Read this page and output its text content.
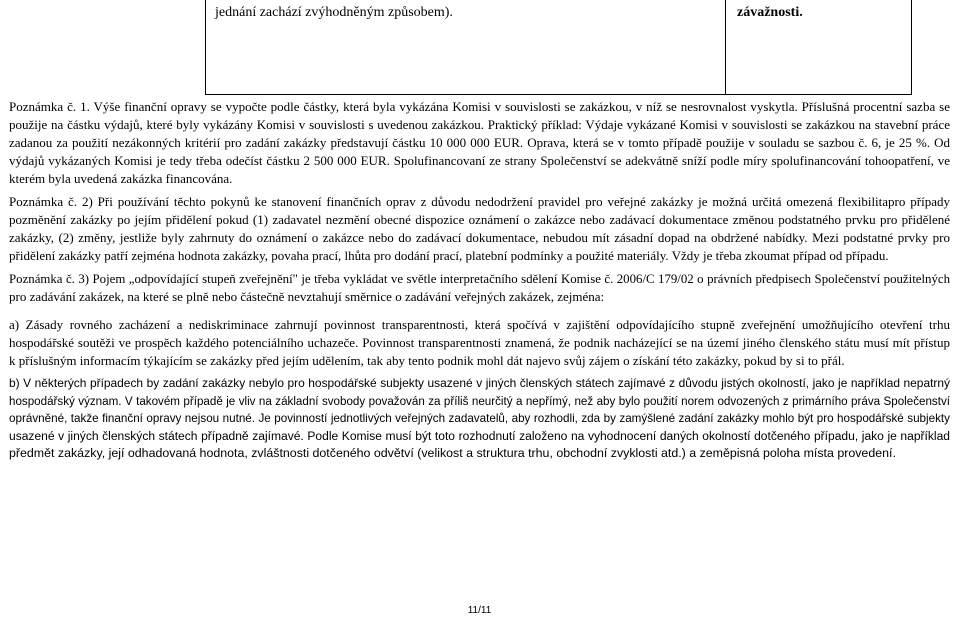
jednání zachází zvýhodněným způsobem).	závažnosti.

Poznámka č. 1. Výše finanční opravy se vypočte podle částky, která byla vykázána Komisi v souvislosti se zakázkou, v níž se nesrovnalost vyskytla. Příslušná procentní sazba se
použije na částku výdajů, které byly vykázány Komisi v souvislosti s uvedenou zakázkou. Praktický příklad: Výdaje vykázané Komisi v souvislosti se zakázkou na stavební práce
zadanou za použití nezákonných kritérií pro zadání zakázky představují částku 10 000 000 EUR. Oprava, která se v tomto případě použije v souladu se sazbou č. 6, je 25 %. Od
výdajů vykázaných Komisi je tedy třeba odečíst částku 2 500 000 EUR. Spolufinancovaní ze strany Společenství se adekvátně sníží podle míry spolufinancování tohoopatření, ve
kterém byla uvedená zakázka financována.

Poznámka č. 2) Při používání těchto pokynů ke stanovení finančních oprav z důvodu nedodržení pravidel pro veřejné zakázky je možná určitá omezená flexibilitapro případy
pozměnění zakázky po jejím přidělení pokud (1) zadavatel nezmění obecné dispozice oznámení o zakázce nebo zadávací dokumentace změnou podstatného prvku pro přidělené
zakázky, (2) změny, jestliže byly zahrnuty do oznámení o zakázce nebo do zadávací dokumentace, nebudou mít zásadní dopad na obdržené nabídky. Mezi podstatné prvky pro
přidělení zakázky patří zejména hodnota zakázky, povaha prací, lhůta pro dodání prací, platební podmínky a použité materiály. Vždy je třeba zkoumat případ od případu.

Poznámka č. 3) Pojem „odpovídající stupeň zveřejnění" je třeba vykládat ve světle interpretačního sdělení Komise č. 2006/C 179/02 o právních předpisech Společenství použitelných
pro zadávání zakázek, na které se plně nebo částečně nevztahují směrnice o zadávání veřejných zakázek, zejména:

a) Zásady rovného zacházení a nediskriminace zahrnují povinnost transparentnosti, která spočívá v zajištění odpovídajícího stupně zveřejnění umožňujícího otevření trhu
hospodářské soutěži ve prospěch každého potenciálního uchazeče. Povinnost transparentnosti znamená, že podnik nacházející se na území jiného členského státu musí mít přístup
k příslušným informacím týkajícím se zakázky před jejím udělením, tak aby tento podnik mohl dát najevo svůj zájem o získání této zakázky, pokud by si to přál.

b) V některých případech by zadání zakázky nebylo pro hospodářské subjekty usazené v jiných členských státech zajímavé z důvodu jistých okolností, jako je například nepatrný
hospodářský význam. V takovém případě je vliv na základní svobody považován za příliš neurčitý a nepřímý, než aby bylo použití norem odvozených z primárního práva Společenství
oprávněné, takže finanční opravy nejsou nutné. Je povinností jednotlivých veřejných zadavatelů, aby rozhodli, zda by zamýšlené zadání zakázky mohlo být pro hospodářské subjekty
usazené v jiných členských státech případně zajímavé. Podle Komise musí být toto rozhodnutí založeno na vyhodnocení daných okolností dotčeného případu, jako je například
předmět zakázky, její odhadovaná hodnota, zvláštnosti dotčeného odvětví (velikost a struktura trhu, obchodní zvyklosti atd.) a zeměpisná poloha místa provedení.

11/11
